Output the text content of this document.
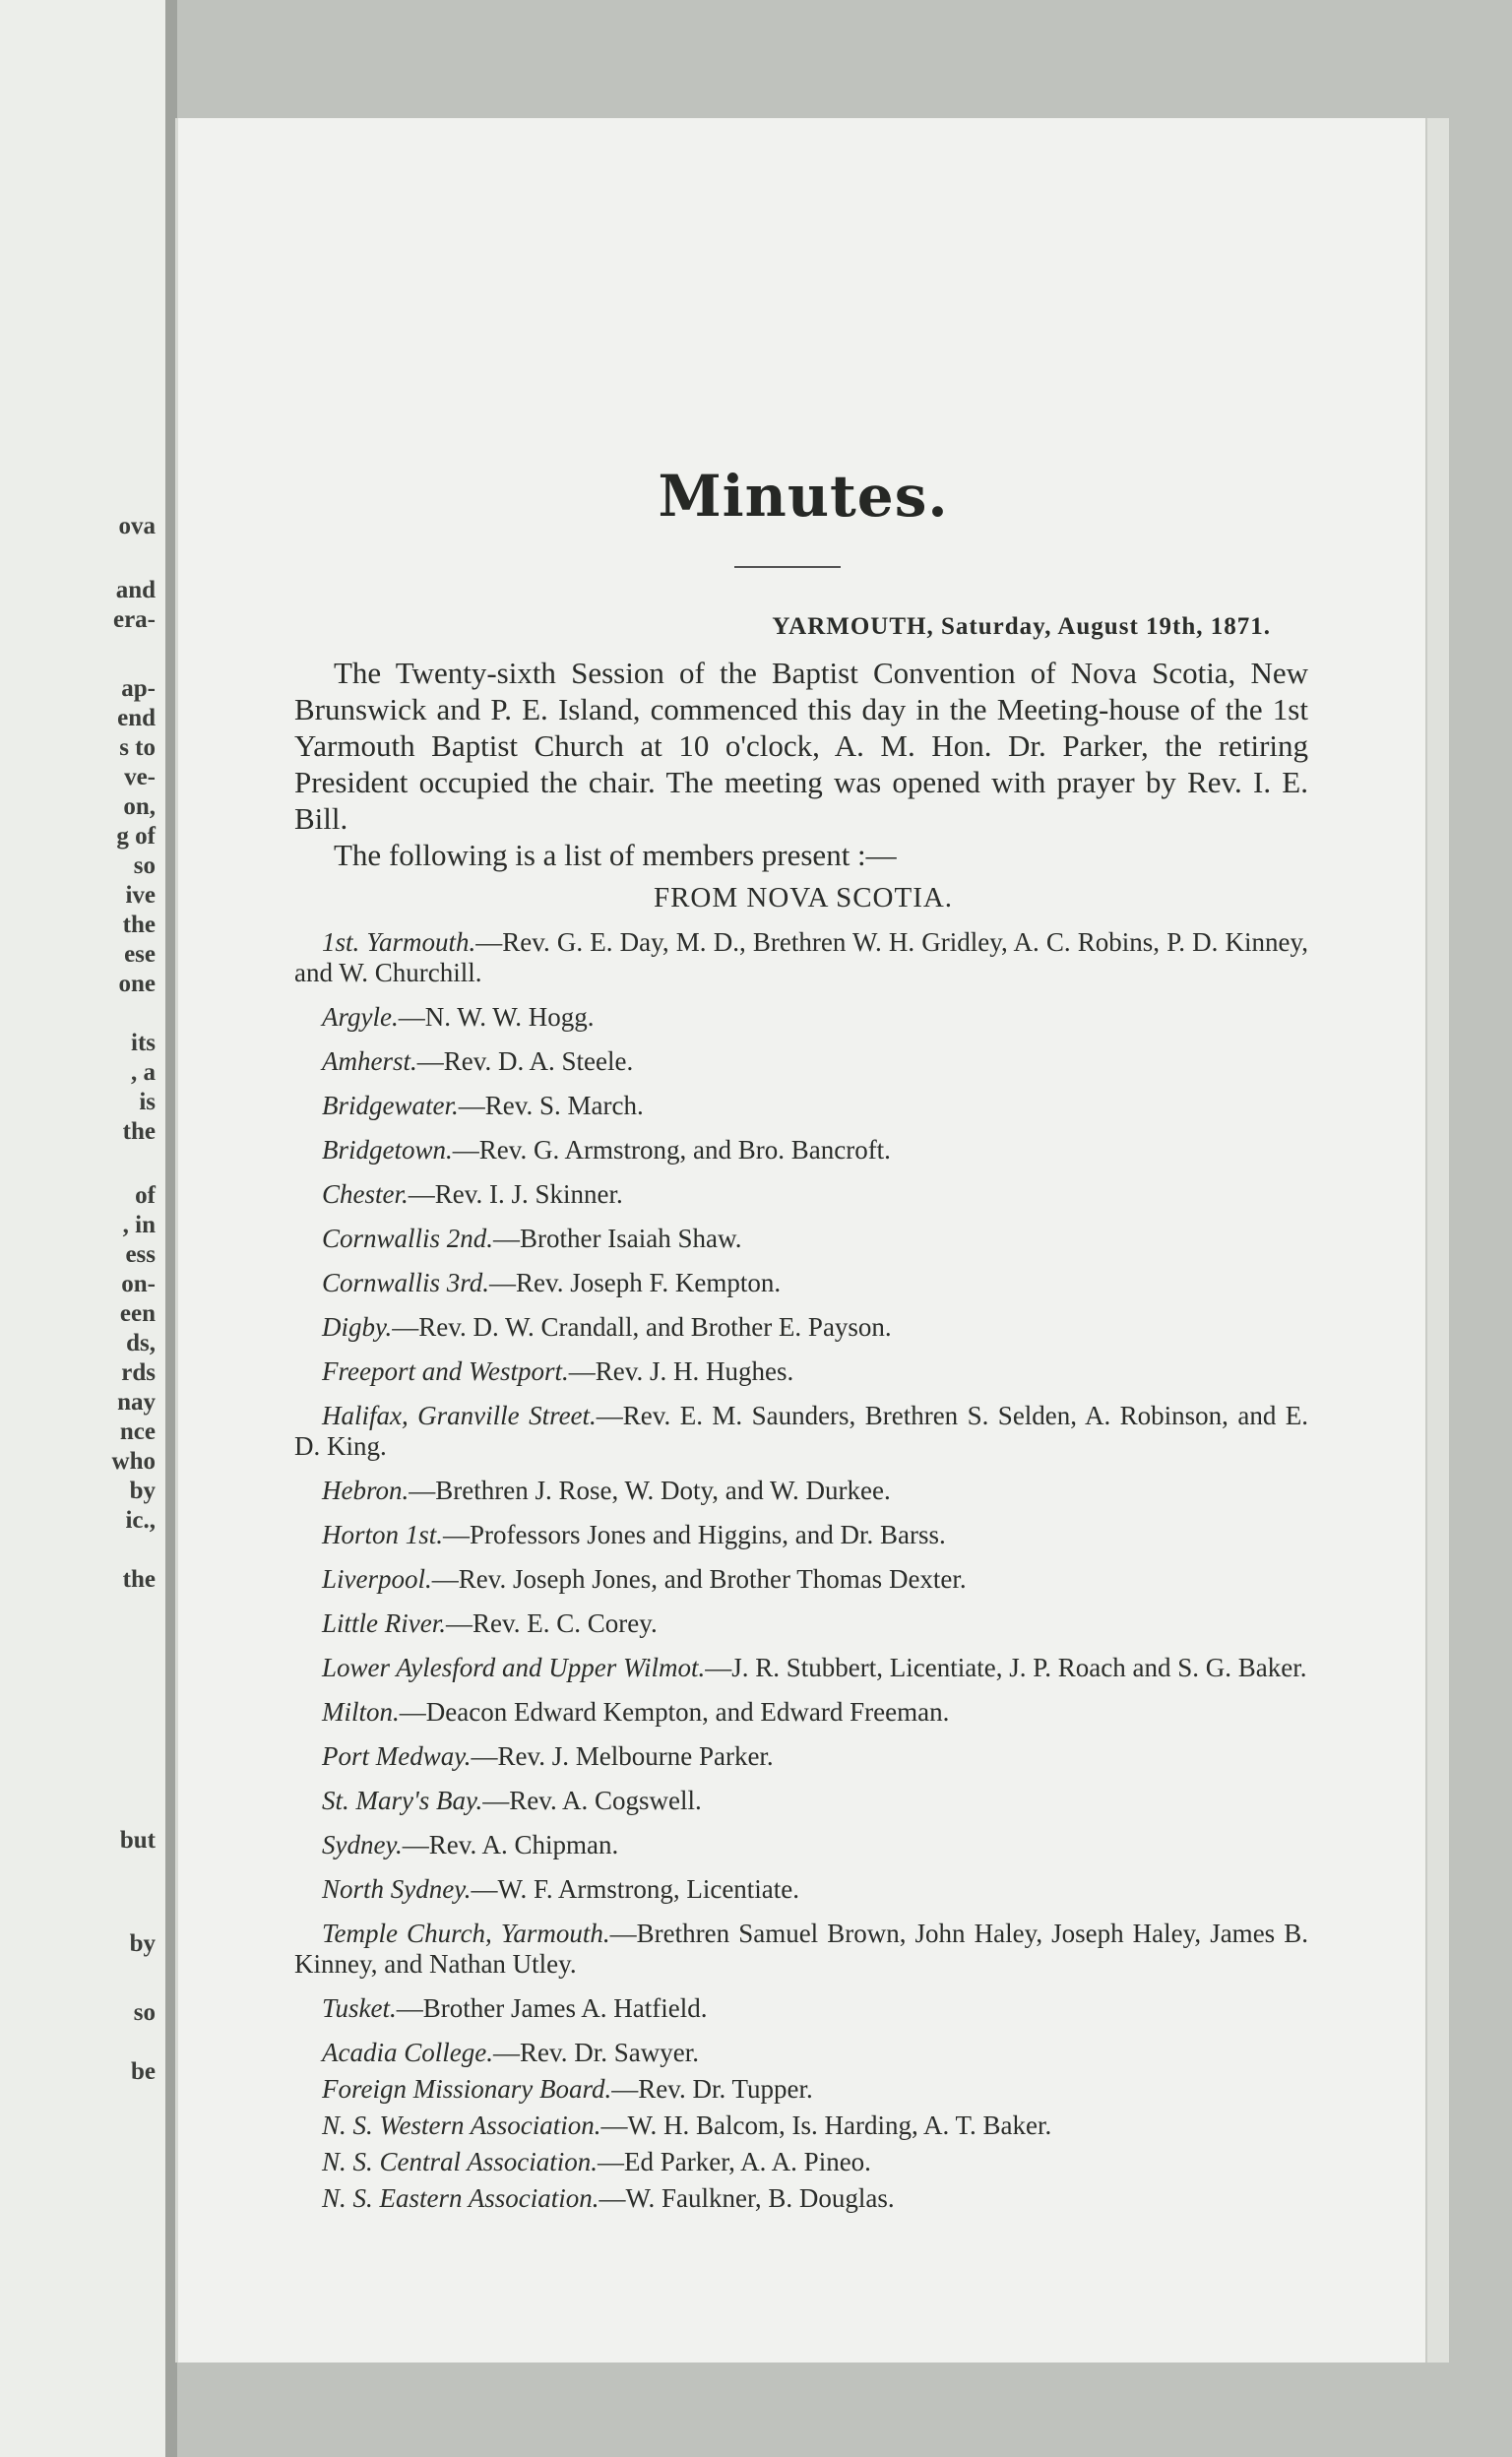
ova
and
era-
ap-
end
s to
ve-
on,
g of
so
ive
the
ese
one
its
, a
is
the
of
, in
ess
on-
een
ds,
rds
nay
nce
who
by
ic.,
the
but
by
so
be
Minutes.
YARMOUTH, Saturday, August 19th, 1871.

The Twenty-sixth Session of the Baptist Convention of Nova Scotia, New Brunswick and P. E. Island, commenced this day in the Meeting-house of the 1st Yarmouth Baptist Church at 10 o'clock, A. M. Hon. Dr. Parker, the retiring President occupied the chair. The meeting was opened with prayer by Rev. I. E. Bill.

The following is a list of members present :—

FROM NOVA SCOTIA.

1st. Yarmouth.—Rev. G. E. Day, M. D., Brethren W. H. Gridley, A. C. Robins, P. D. Kinney, and W. Churchill.

Argyle.—N. W. W. Hogg.

Amherst.—Rev. D. A. Steele.

Bridgewater.—Rev. S. March.

Bridgetown.—Rev. G. Armstrong, and Bro. Bancroft.

Chester.—Rev. I. J. Skinner.

Cornwallis 2nd.—Brother Isaiah Shaw.

Cornwallis 3rd.—Rev. Joseph F. Kempton.

Digby.—Rev. D. W. Crandall, and Brother E. Payson.

Freeport and Westport.—Rev. J. H. Hughes.

Halifax, Granville Street.—Rev. E. M. Saunders, Brethren S. Selden, A. Robinson, and E. D. King.

Hebron.—Brethren J. Rose, W. Doty, and W. Durkee.

Horton 1st.—Professors Jones and Higgins, and Dr. Barss.

Liverpool.—Rev. Joseph Jones, and Brother Thomas Dexter.

Little River.—Rev. E. C. Corey.

Lower Aylesford and Upper Wilmot.—J. R. Stubbert, Licentiate, J. P. Roach and S. G. Baker.

Milton.—Deacon Edward Kempton, and Edward Freeman.

Port Medway.—Rev. J. Melbourne Parker.

St. Mary's Bay.—Rev. A. Cogswell.

Sydney.—Rev. A. Chipman.

North Sydney.—W. F. Armstrong, Licentiate.

Temple Church, Yarmouth.—Brethren Samuel Brown, John Haley, Joseph Haley, James B. Kinney, and Nathan Utley.

Tusket.—Brother James A. Hatfield.

Acadia College.—Rev. Dr. Sawyer.

Foreign Missionary Board.—Rev. Dr. Tupper.

N. S. Western Association.—W. H. Balcom, Is. Harding, A. T. Baker.

N. S. Central Association.—Ed Parker, A. A. Pineo.

N. S. Eastern Association.—W. Faulkner, B. Douglas.
